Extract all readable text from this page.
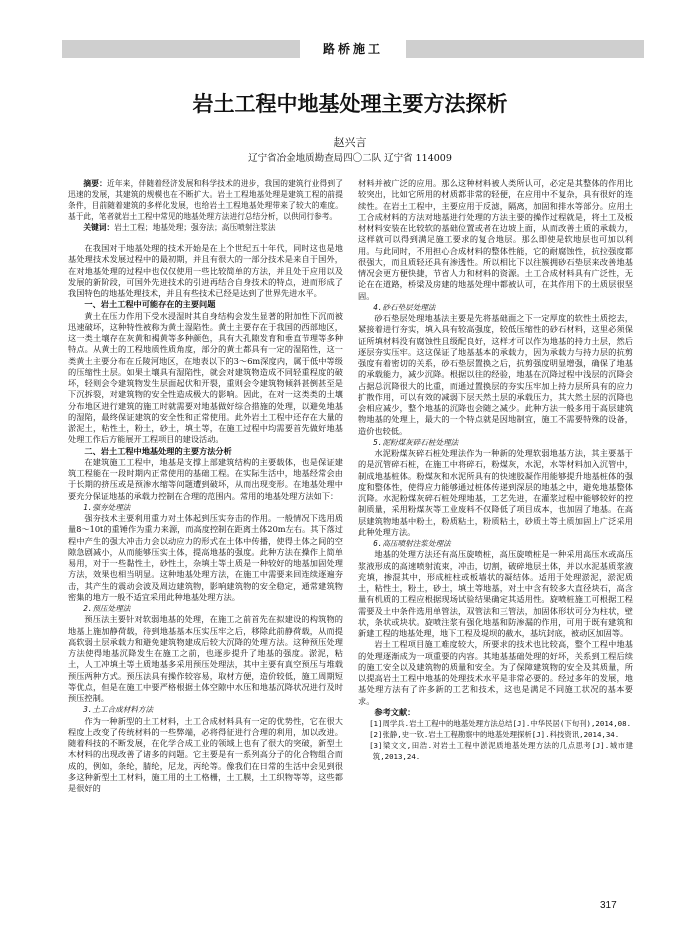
路桥施工
岩土工程中地基处理主要方法探析
赵兴言
辽宁省冶金地质勘查局四〇二队 辽宁省 114009

摘要：近年来，伴随着经济发展和科学技术的进步，我国的建筑行业得到了迅速的发展，其建筑的规模也在不断扩大。岩土工程地基处理是建筑工程的前提条件，目前随着建筑的多样化发展，也给岩土工程地基处理带来了较大的难度。基于此，笔者就岩土工程中常见的地基处理方法进行总结分析，以供同行参考。

关键词：岩土工程；地基处理；强夯法；高压喷射注浆法

在我国对于地基处理的技术开始是在上个世纪五十年代，同时这也是地基处理技术发展过程中的最初期，并且有很大的一部分技术是来自于国外，在对地基处理的过程中也仅仅使用一些比较简单的方法，并且处于应用以及发展的新阶段，可国外先进技术的引进再结合自身技术的特点，进而形成了我国特色的地基处理技术，并且有些技术已经是达到了世界先进水平。

一、岩土工程中可能存在的主要问题

黄土在压力作用下受水浸湿时其自身结构会发生显著的附加性下沉而被迅速破坏，这种特性被称为黄土湿陷性。黄土主要存在于我国的西部地区，这一类土壤存在灰黄和褐黄等多种颜色，具有大孔隙发育和垂直节理等多种特点。从黄土的工程地质性质角度，部分的黄土都具有一定的湿陷性，这一类黄土主要分布在丘陵河地区，在地表以下的3～6m深度内，属于低中等级的压缩性土层。如果土壤具有湿陷性，就会对建筑物造成不同轻重程度的破坏，轻则会令建筑物发生层面起伏和开裂，重则会令建筑物倾斜甚倒甚至是下沉拆裂，对建筑物的安全性造成极大的影响。因此，在对一这类类的土壤分布地区进行建筑的施工时就需要对地基做好综合措施的处理，以避免地基的湿陷，最终保证建筑的安全性和正常使用。此外岩土工程中还存在大量的淤泥土，粘性土，粉土，砂土，填土等，在施工过程中均需要首先做好地基处理工作后方能展开工程项目的建设活动。

二、岩土工程中地基处理的主要方法分析

在建筑施工工程中，地基是支撑上部建筑结构的主要载体，也是保证建筑工程能在一段时期内正常使用的基础工程。在实际生活中，地基经常会由于长期的挤压或是预渗水缩等问题遭到破坏，从而出现变形。在地基处理中要充分保证地基的承载力控制在合理的范围内。常用的地基处理方法如下：

1.强夯处理法

强夯技术主要利用重力对土体起到压实夯击的作用。一般情况下选用质量8～10t的重锤作为重力来源，而高度控制在距离土体20m左右。其下落过程中产生的强大冲击力会以动应力的形式在土体中传播，使得土体之间的空隙急剧减小，从而能够压实土体，提高地基的强度。此种方法在操作上简单易用，对于一些黏性土，砂性土，杂填土等土质是一种较好的地基加固处理方法，效果也相当明显。这种地基处理方法，在施工中需要来回连续逐遍夯击，其产生的震动会波及周边建筑物，影响建筑物的安全稳定，通常建筑物密集的地方一般不适宜采用此种地基处理方法。

2.预压处理法

预压法主要针对软弱地基的处理，在施工之前首先在拟建设的构筑物的地基上施加静荷载，待到地基基本压实压牢之后，移除此前静荷载，从而提高软弱土层承载力和避免建筑物建成后较大沉降的处理方法。这种预压处理方法使得地基沉降发生在施工之前，也逐步提升了地基的强度。淤泥，粘土，人工冲填土等土质地基多采用预压处理法，其中主要有真空预压与堆载预压两种方式。预压法具有操作较容易，取材方便，造价较低，施工周期短等优点，但是在施工中要严格根据土体空隙中水压和地基沉降状况进行及时预压控制。

3.土工合成材料方法

作为一种新型的土工材料，土工合成材料具有一定的优势性，它在很大程度上改变了传统材料的一些弊端，必将得征进行合理的利用，加以改进。随着科技的不断发展，在化学合成工业的领域上也有了很大的突破，新型土木材料的出现改善了诸多的问题。它主要是有一系列高分子的化合物组合而成的，例如，条纶，腈纶，尼龙，丙纶等。像我们在日常的生活中会见到很多这种新型土工材料，施工用的土工格栅，土工膜，土工织物等等，这些都是很好的

材料并被广泛的应用。那么这种材料被人类所认可，必定是其整体的作用比较突出，比如它所用的材质都非常的轻便，在应用中不复杂，具有很好的连续性。在岩土工程中，主要应用于反滤，隔离，加固和排水等部分。应用土工合成材料的方法对地基进行处理的方法主要的操作过程就是，将土工及板材材料安装在比较软的基础位置或者在边坡上面，从而改善土质的承载力，这样就可以得到满足施工要求的复合地层。那么即使是软地层也可加以利用。与此同时，不用担心合成材料的整体性能，它的耐腐蚀性，抗拉强度都很强大，而且质轻还具有渗透性。所以相比下以往簇拥砂石垫层来改善地基情况会更方便快捷，节省人力和材料的资源。土工合成材料具有广泛性，无论在在道路，桥梁及房建的地基处理中都被认可，在其作用下的土质层很坚固。

4.砂石垫层处理法

砂石垫层处理地基法主要是先将基础面之下一定厚度的软性土质挖去，紧接着进行夯实，填入具有较高强度，较低压缩性的砂石材料，这里必须保证所填材料没有腐蚀性且级配良好，这样才可以作为地基的持力土层，然后逐层夯实压牢。这这保证了地基基本的承载力，因为承载力与持力层的抗剪强度有着密切的关系，砂石垫层置换之后，抗剪强度明显增强，确保了地基的承载能力，减少沉降。根据以往的经验，地基在沉降过程中浅层的沉降会占据总沉降很大的比重，而通过置换层的夯实压牢加上持力层所具有的应力扩散作用，可以有效的减弱下层天然土层的承载压力，其大然土层的沉降也会相应减少，整个地基的沉降也会随之减少。此种方法一般多用于高层建筑物地基的处理上，最大的一个特点就是因地制宜，施工不需要特殊的设备，造价也较低。

5.泥粉煤灰碎石桩处理法

水泥粉煤灰碎石桩处理法作为一种新的处理软弱地基方法，其主要基于的是沉管碎石桩，在施工中将碎石，粉煤灰，水泥，水等材料加入沉管中，制成地基桩体。粉煤灰和水泥所具有的快速胶凝作用能够提升地基桩体的强度和整体性，使得应力能够通过桩体传递到深层的地基之中，避免地基整体沉降。水泥粉煤灰碎石桩处理地基，工艺先进，在灌浆过程中能够较好的控制质量，采用粉煤灰等工业废料不仅降低了项目成本，也加固了地基。在高层建筑物地基中粉土，粉质粘土，粉质粘土，砂质土等土质加固上广泛采用此种处理方法。

6.高压喷射注浆处理法

地基的处理方法还有高压旋喷桩，高压旋喷桩是一种采用高压水或高压浆液形成的高速喷射流束，冲击，切割，破碎地层土体，并以水泥基质浆液充填，掺混其中，形成桩柱或板墙状的凝结体。适用于处理淤泥，淤泥质土，粘性土，粉土，砂土，填土等地基，对土中含有较多大直径块石，高含量有机质的工程应根据现场试验结果确定其适用性。旋喷桩施工可根据工程需要及土中条件选用单管法，双管法和三管法，加固体形状可分为柱状，壁状，条状或块状。旋喷注浆有强化地基和防渗漏的作用，可用于既有建筑和新建工程的地基处理，地下工程及堤坝的截水，基坑封底，被动区加固等。

岩土工程项目施工难度较大，所要求的技术也比较高，整个工程中地基的处理逐渐成为一项重要的内容。其地基基础处理的好坏，关系到工程后续的施工安全以及建筑物的质量和安全。为了保障建筑物的安全及其质量，所以提高岩土工程中地基的处理技术水平是非常必要的。经过多年的发展，地基处理方法有了许多新的工艺和技术，这也是满足不同施工状况的基本要求。

参考文献：

[1]周学兵.岩土工程中的地基处理方法总结[J].中华民居(下旬刊),2014,08.

[2]张静,史一钦.岩土工程勘察中的地基处理探析[J].科技资讯,2014,34.

[3]梁文文,田浩.对岩土工程中淤泥质地基处理方法的几点思考[J].城市建筑,2013,24.

317
